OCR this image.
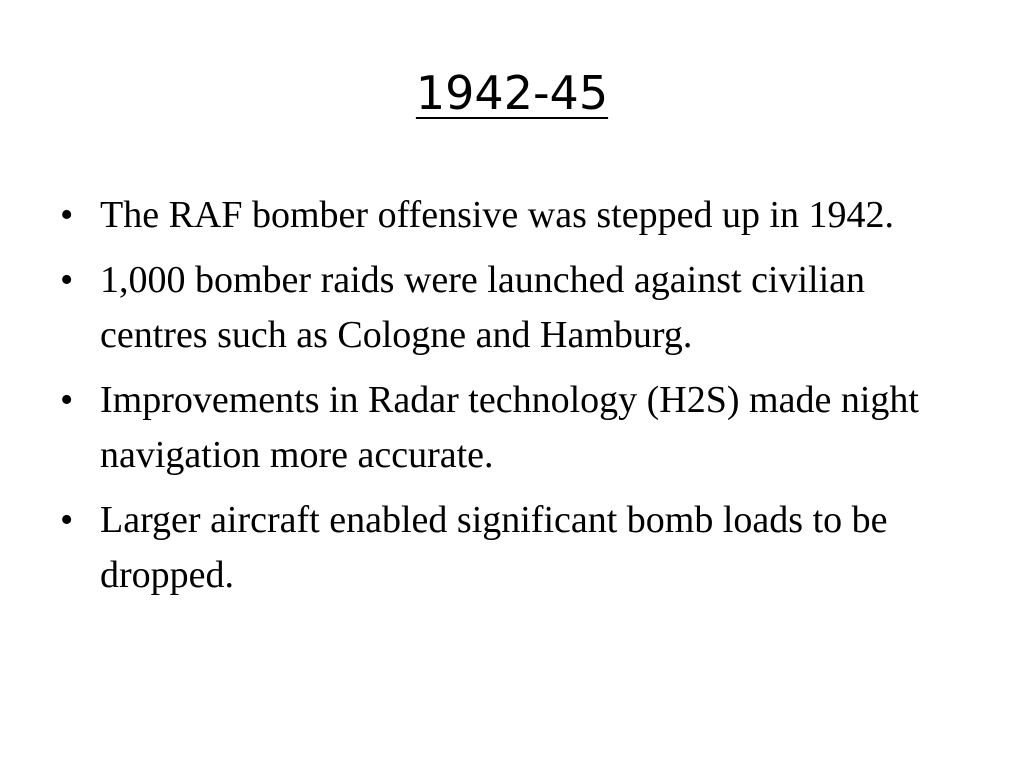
1942-45
• The RAF bomber offensive was stepped up in 1942.
• 1,000 bomber raids were launched against civilian centres such as Cologne and Hamburg.
• Improvements in Radar technology (H2S) made night navigation more accurate.
• Larger aircraft enabled significant bomb loads to be dropped.
